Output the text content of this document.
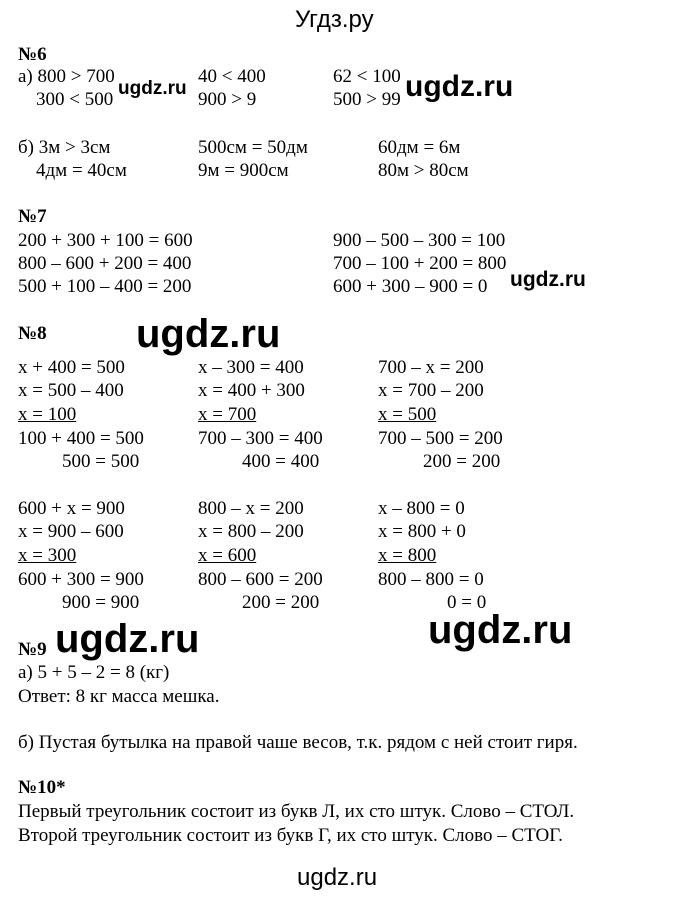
Угдз.ру
№6
а) 800 > 700
300 < 500
40 < 400
900 > 9
62 < 100
500 > 99
б) 3м > 3см
4дм = 40см
500см = 50дм
9м = 900см
60дм = 6м
80м > 80см
№7
200 + 300 + 100 = 600
800 – 600 + 200 = 400
500 + 100 – 400 = 200
900 – 500 – 300 = 100
700 – 100 + 200 = 800
600 + 300 – 900 = 0
№8
x + 400 = 500
x = 500 – 400
x = 100
100 + 400 = 500
500 = 500
x – 300 = 400
x = 400 + 300
x = 700
700 – 300 = 400
400 = 400
700 – x = 200
x = 700 – 200
x = 500
700 – 500 = 200
200 = 200
600 + x = 900
x = 900 – 600
x = 300
600 + 300 = 900
900 = 900
800 – x = 200
x = 800 – 200
x = 600
800 – 600 = 200
200 = 200
x – 800 = 0
x = 800 + 0
x = 800
800 – 800 = 0
0 = 0
№9
а) 5 + 5 – 2 = 8 (кг)
Ответ: 8 кг масса мешка.
б) Пустая бутылка на правой чаше весов, т.к. рядом с ней стоит гиря.
№10*
Первый треугольник состоит из букв Л, их сто штук. Слово – СТОЛ.
Второй треугольник состоит из букв Г, их сто штук. Слово – СТОГ.
ugdz.ru	ugdz.ru
ugdz.ru
ugdz.ru
ugdz.ru	ugdz.ru
ugdz.ru
